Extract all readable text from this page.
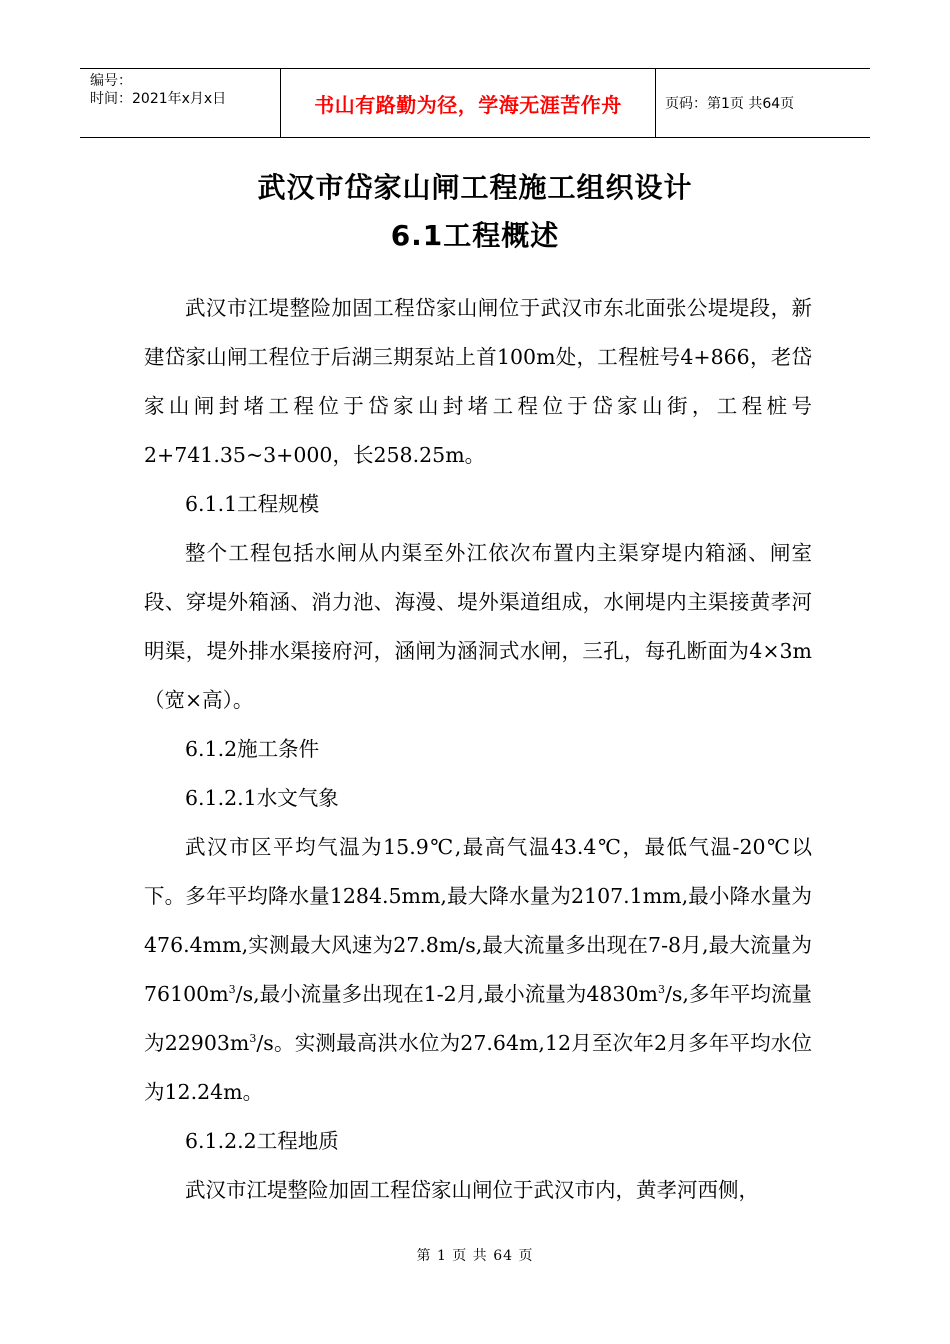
编号：
时间：2021年x月x日	书山有路勤为径，学海无涯苦作舟	页码：第1页 共64页
武汉市岱家山闸工程施工组织设计
6.1工程概述

武汉市江堤整险加固工程岱家山闸位于武汉市东北面张公堤堤段，新建岱家山闸工程位于后湖三期泵站上首100m处，工程桩号4+866，老岱家山闸封堵工程位于岱家山封堵工程位于岱家山街，工程桩号2+741.35~3+000，长258.25m。

6.1.1工程规模

整个工程包括水闸从内渠至外江依次布置内主渠穿堤内箱涵、闸室段、穿堤外箱涵、消力池、海漫、堤外渠道组成，水闸堤内主渠接黄孝河明渠，堤外排水渠接府河，涵闸为涵洞式水闸，三孔，每孔断面为4×3m（宽×高）。

6.1.2施工条件

6.1.2.1水文气象

武汉市区平均气温为15.9℃,最高气温43.4℃，最低气温-20℃以下。多年平均降水量1284.5mm,最大降水量为2107.1mm,最小降水量为476.4mm,实测最大风速为27.8m/s,最大流量多出现在7-8月,最大流量为$76100m^3/s$,最小流量多出现在1-2月,最小流量为$4830m^3/s$,多年平均流量为$22903m^3/s$。实测最高洪水位为27.64m,12月至次年2月多年平均水位为12.24m。

6.1.2.2工程地质

武汉市江堤整险加固工程岱家山闸位于武汉市内，黄孝河西侧，

第 1 页 共 64 页
